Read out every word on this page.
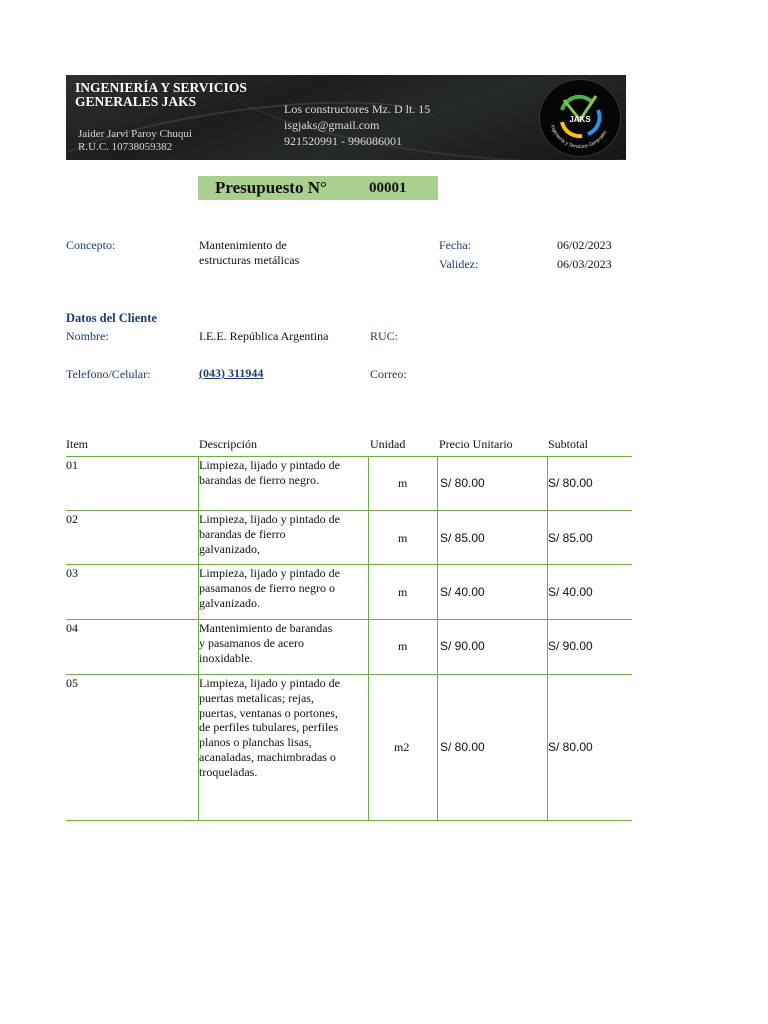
INGENIERÍA Y SERVICIOS GENERALES JAKS
Jaider Jarvi Paroy Chuqui
R.U.C. 10738059382
Los constructores Mz. D lt. 15
isgjaks@gmail.com
921520991 - 996086001
JAKS
Ingeniería y Servicios Generales
Presupuesto N°	00001
Concepto:	Mantenimiento de
estructuras metálicas
Fecha:	06/02/2023
Validez:	06/03/2023
Datos del Cliente
Nombre:	I.E.E. República Argentina	RUC:
Telefono/Celular:	(043) 311944	Correo:
Item	Descripción	Unidad	Precio Unitario	Subtotal
01	Limpieza, lijado y pintado de
barandas de fierro negro.	m	S/ 80.00	S/ 80.00
02	Limpieza, lijado y pintado de
barandas de fierro
galvanizado,
m	S/ 85.00	S/ 85.00
03	Limpieza, lijado y pintado de
pasamanos de fierro negro o
galvanizado.
m	S/ 40.00	S/ 40.00
04	Mantenimiento de barandas
y pasamanos de acero
inoxidable.
m	S/ 90.00	S/ 90.00
05	Limpieza, lijado y pintado de
puertas metalicas; rejas,
puertas, ventanas o portones,
de perfiles tubulares, perfiles
planos o planchas lisas,
acanaladas, machimbradas o
troqueladas.
m2	S/ 80.00	S/ 80.00
